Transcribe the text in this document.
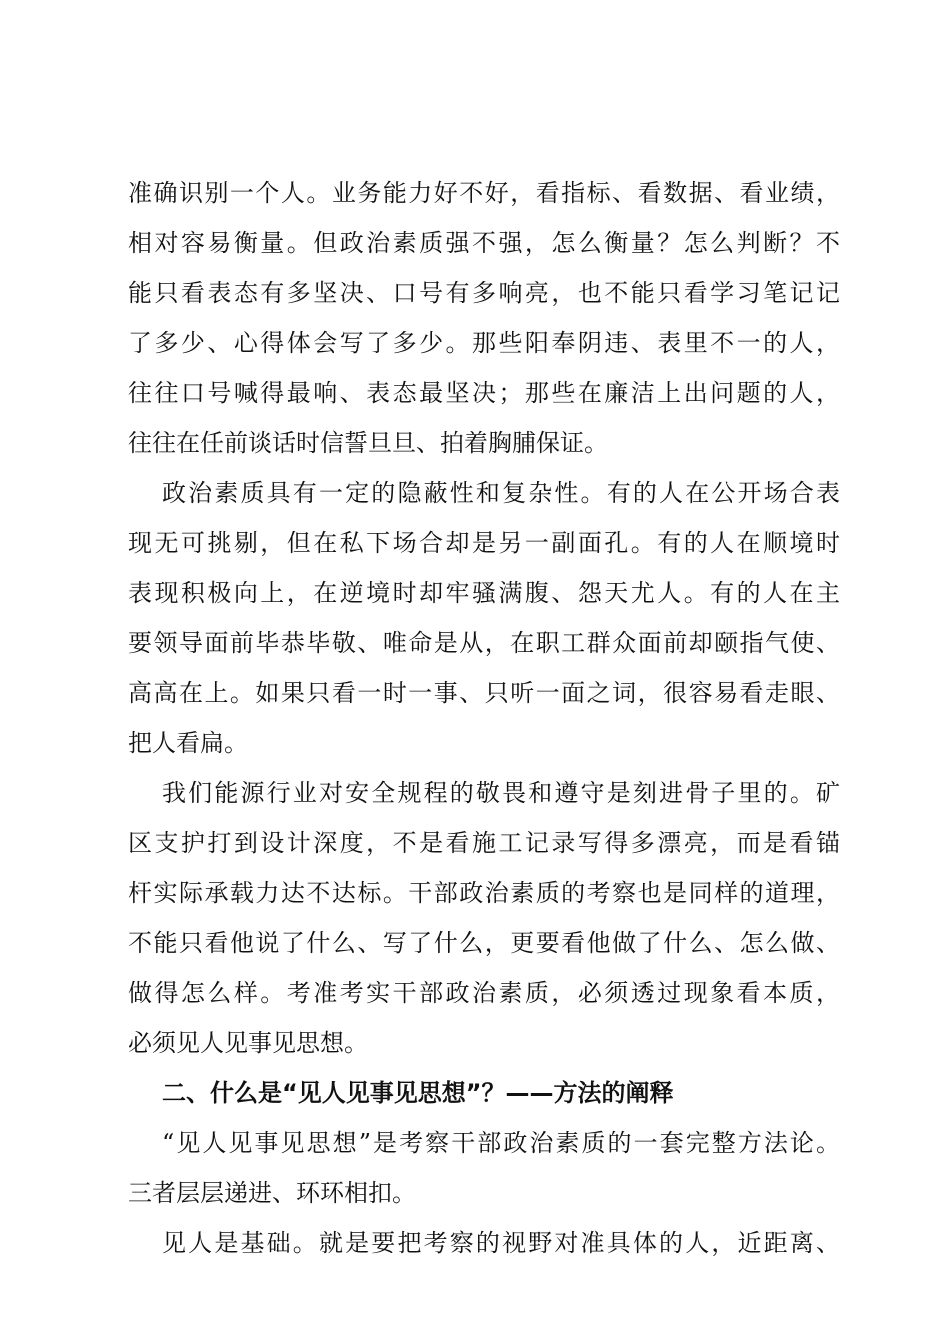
准确识别一个人。业务能力好不好，看指标、看数据、看业绩，
相对容易衡量。但政治素质强不强，怎么衡量？怎么判断？不
能只看表态有多坚决、口号有多响亮，也不能只看学习笔记记
了多少、心得体会写了多少。那些阳奉阴违、表里不一的人，
往往口号喊得最响、表态最坚决；那些在廉洁上出问题的人，
往往在任前谈话时信誓旦旦、拍着胸脯保证。
政治素质具有一定的隐蔽性和复杂性。有的人在公开场合表
现无可挑剔，但在私下场合却是另一副面孔。有的人在顺境时
表现积极向上，在逆境时却牢骚满腹、怨天尤人。有的人在主
要领导面前毕恭毕敬、唯命是从，在职工群众面前却颐指气使、
高高在上。如果只看一时一事、只听一面之词，很容易看走眼、
把人看扁。
我们能源行业对安全规程的敬畏和遵守是刻进骨子里的。矿
区支护打到设计深度，不是看施工记录写得多漂亮，而是看锚
杆实际承载力达不达标。干部政治素质的考察也是同样的道理，
不能只看他说了什么、写了什么，更要看他做了什么、怎么做、
做得怎么样。考准考实干部政治素质，必须透过现象看本质，
必须见人见事见思想。
二、什么是“见人见事见思想”？——方法的阐释
“见人见事见思想”是考察干部政治素质的一套完整方法论。
三者层层递进、环环相扣。
见人是基础。就是要把考察的视野对准具体的人，近距离、
